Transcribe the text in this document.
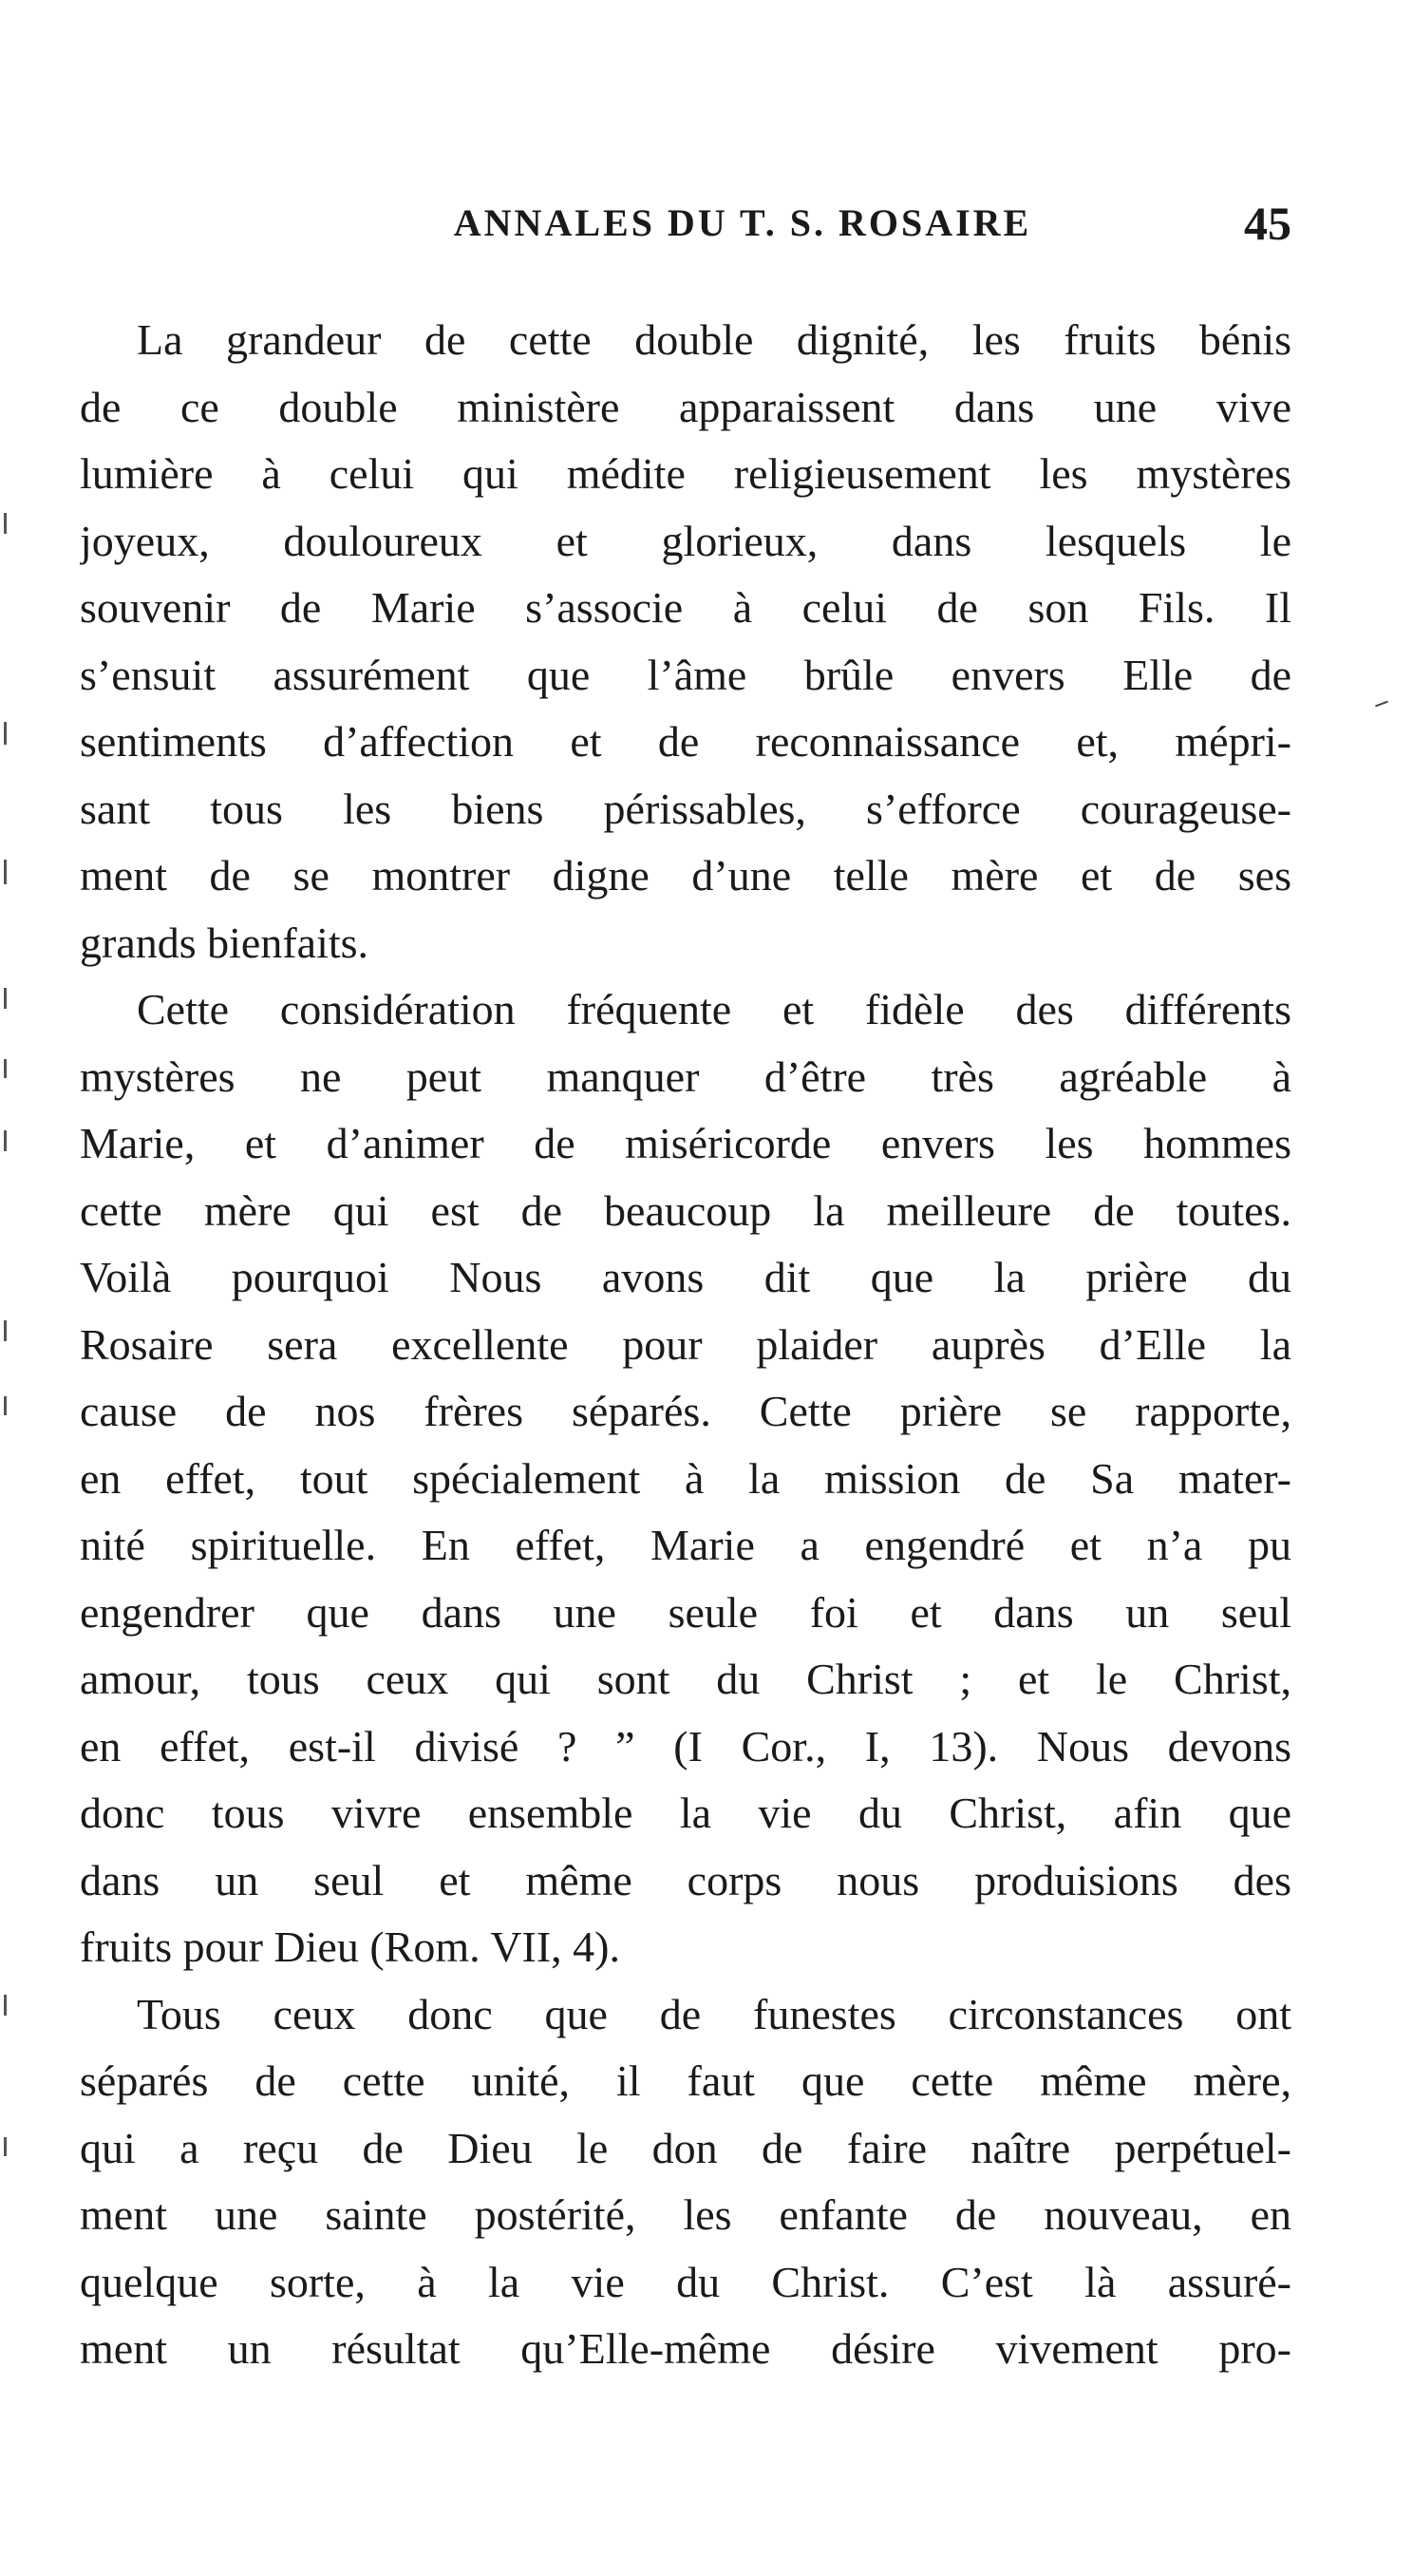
ANNALES DU T. S. ROSAIRE	45
La grandeur de cette double dignité, les fruits bénis
de ce double ministère apparaissent dans une vive
lumière à celui qui médite religieusement les mystères
joyeux, douloureux et glorieux, dans lesquels le
souvenir de Marie s’associe à celui de son Fils. Il
s’ensuit assurément que l’âme brûle envers Elle de
sentiments d’affection et de reconnaissance et, mépri-
sant tous les biens périssables, s’efforce courageuse-
ment de se montrer digne d’une telle mère et de ses
grands bienfaits.
Cette considération fréquente et fidèle des différents
mystères ne peut manquer d’être très agréable à
Marie, et d’animer de miséricorde envers les hommes
cette mère qui est de beaucoup la meilleure de toutes.
Voilà pourquoi Nous avons dit que la prière du
Rosaire sera excellente pour plaider auprès d’Elle la
cause de nos frères séparés. Cette prière se rapporte,
en effet, tout spécialement à la mission de Sa mater-
nité spirituelle. En effet, Marie a engendré et n’a pu
engendrer que dans une seule foi et dans un seul
amour, tous ceux qui sont du Christ ; et le Christ,
en effet, est-il divisé ? ” (I Cor., I, 13). Nous devons
donc tous vivre ensemble la vie du Christ, afin que
dans un seul et même corps nous produisions des
fruits pour Dieu (Rom. VII, 4).
Tous ceux donc que de funestes circonstances ont
séparés de cette unité, il faut que cette même mère,
qui a reçu de Dieu le don de faire naître perpétuel-
ment une sainte postérité, les enfante de nouveau, en
quelque sorte, à la vie du Christ. C’est là assuré-
ment un résultat qu’Elle-même désire vivement pro-
